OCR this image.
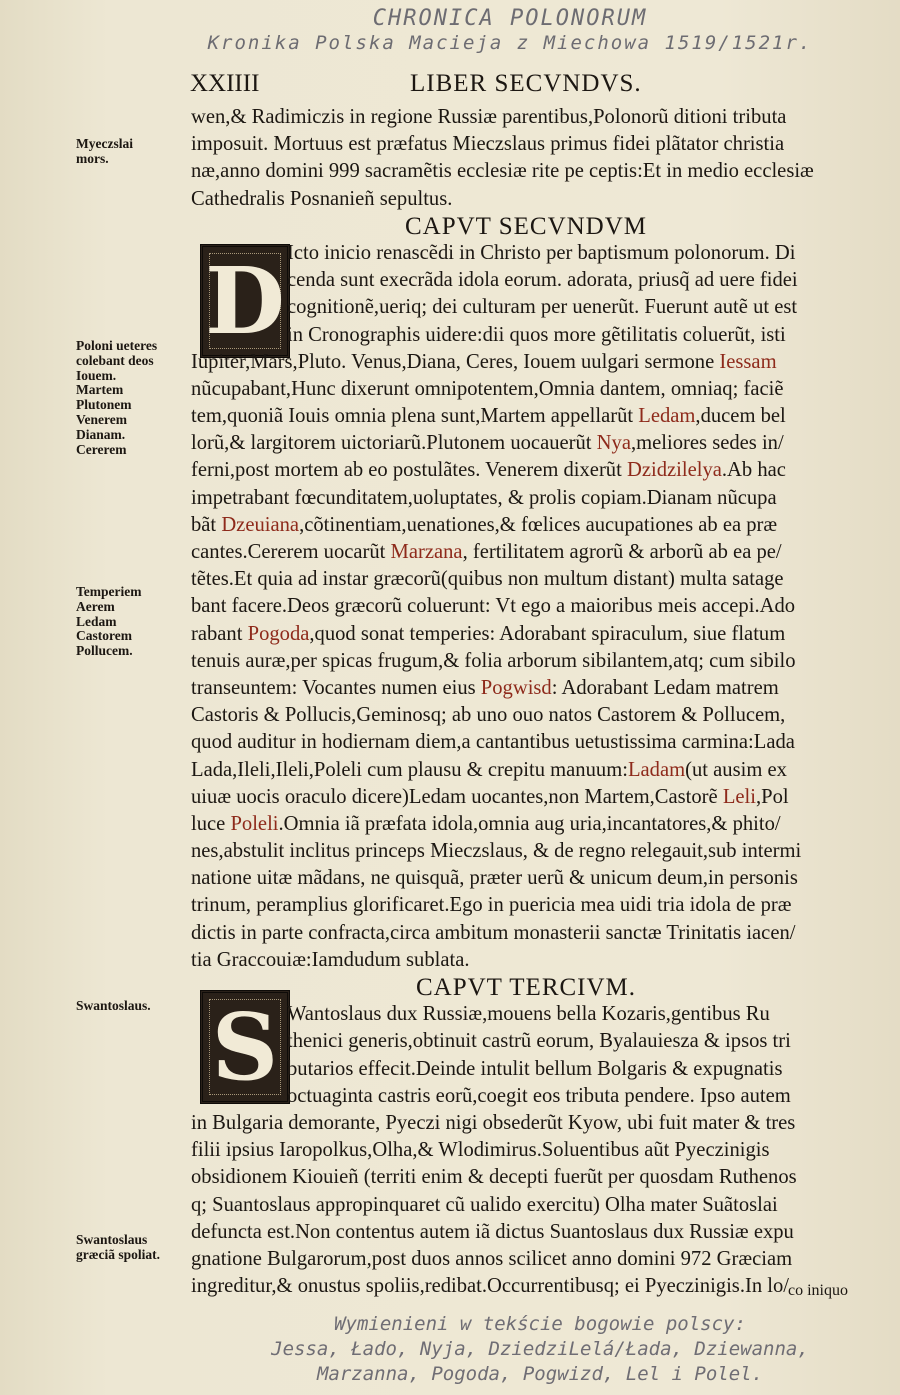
CHRONICA POLONORUM
Kronika Polska Macieja z Miechowa 1519/1521r.
XXIIII	LIBER SECVNDVS.
Myeczslai
mors.
Poloni ueteres
colebant deos
Iouem.
Martem
Plutonem
Venerem
Dianam.
Cererem
Temperiem
Aerem
Ledam
Castorem
Pollucem.
Swantoslaus.
Swantoslaus
græciã spoliat.
D
S
wen,& Radimiczis in regione Russiæ parentibus,Polonorũ ditioni tributa
imposuit. Mortuus est præfatus Mieczslaus primus fidei plãtator christia
næ,anno domini 999 sacramẽtis ecclesiæ rite pe ceptis:Et in medio ecclesiæ
Cathedralis Posnanieñ sepultus.
CAPVT SECVNDVM
Icto inicio renascẽdi in Christo per baptismum polonorum. Di
cenda sunt execrãda idola eorum. adorata, priusq̃ ad uere fidei
cognitionẽ,ueriq; dei culturam per uenerũt. Fuerunt autẽ ut est
in Cronographis uidere:dii quos more gẽtilitatis coluerũt, isti
Iupiter,Mars,Pluto. Venus,Diana, Ceres, Iouem uulgari sermone Iessam
nũcupabant,Hunc dixerunt omnipotentem,Omnia dantem, omniaq; faciẽ
tem,quoniã Iouis omnia plena sunt,Martem appellarũt Ledam,ducem bel
lorũ,& largitorem uictoriarũ.Plutonem uocauerũt Nya,meliores sedes in/
ferni,post mortem ab eo postulãtes. Venerem dixerũt Dzidzilelya.Ab hac
impetrabant fœcunditatem,uoluptates, & prolis copiam.Dianam nũcupa
bãt Dzeuiana,cõtinentiam,uenationes,& fœlices aucupationes ab ea præ
cantes.Cererem uocarũt Marzana, fertilitatem agrorũ & arborũ ab ea pe/
tẽtes.Et quia ad instar græcorũ(quibus non multum distant) multa satage
bant facere.Deos græcorũ coluerunt: Vt ego a maioribus meis accepi.Ado
rabant Pogoda,quod sonat temperies: Adorabant spiraculum, siue flatum
tenuis auræ,per spicas frugum,& folia arborum sibilantem,atq; cum sibilo
transeuntem: Vocantes numen eius Pogwisd: Adorabant Ledam matrem
Castoris & Pollucis,Geminosq; ab uno ouo natos Castorem & Pollucem,
quod auditur in hodiernam diem,a cantantibus uetustissima carmina:Lada
Lada,Ileli,Ileli,Poleli cum plausu & crepitu manuum:Ladam(ut ausim ex
uiuæ uocis oraculo dicere)Ledam uocantes,non Martem,Castorẽ Leli,Pol
luce Poleli.Omnia iã præfata idola,omnia aug uria,incantatores,& phito/
nes,abstulit inclitus princeps Mieczslaus, & de regno relegauit,sub intermi
natione uitæ mãdans, ne quisquã, præter uerũ & unicum deum,in personis
trinum, peramplius glorificaret.Ego in puericia mea uidi tria idola de præ
dictis in parte confracta,circa ambitum monasterii sanctæ Trinitatis iacen/
tia Graccouiæ:Iamdudum sublata.
CAPVT TERCIVM.
Wantoslaus dux Russiæ,mouens bella Kozaris,gentibus Ru
thenici generis,obtinuit castrũ eorum, Byalauiesza & ipsos tri
butarios effecit.Deinde intulit bellum Bolgaris & expugnatis
octuaginta castris eorũ,coegit eos tributa pendere. Ipso autem
in Bulgaria demorante, Pyeczi nigi obsederũt Kyow, ubi fuit mater & tres
filii ipsius Iaropolkus,Olha,& Wlodimirus.Soluentibus aũt Pyeczinigis
obsidionem Kiouieñ (territi enim & decepti fuerũt per quosdam Ruthenos
q; Suantoslaus appropinquaret cũ ualido exercitu) Olha mater Suãtoslai
defuncta est.Non contentus autem iã dictus Suantoslaus dux Russiæ expu
gnatione Bulgarorum,post duos annos scilicet anno domini 972 Græciam
ingreditur,& onustus spoliis,redibat.Occurrentibusq; ei Pyeczinigis.In lo/
co iniquo
Wymienieni w tekście bogowie polscy:
Jessa, Łado, Nyja, DziedziLelá/Łada, Dziewanna,
Marzanna, Pogoda, Pogwizd, Lel i Polel.
